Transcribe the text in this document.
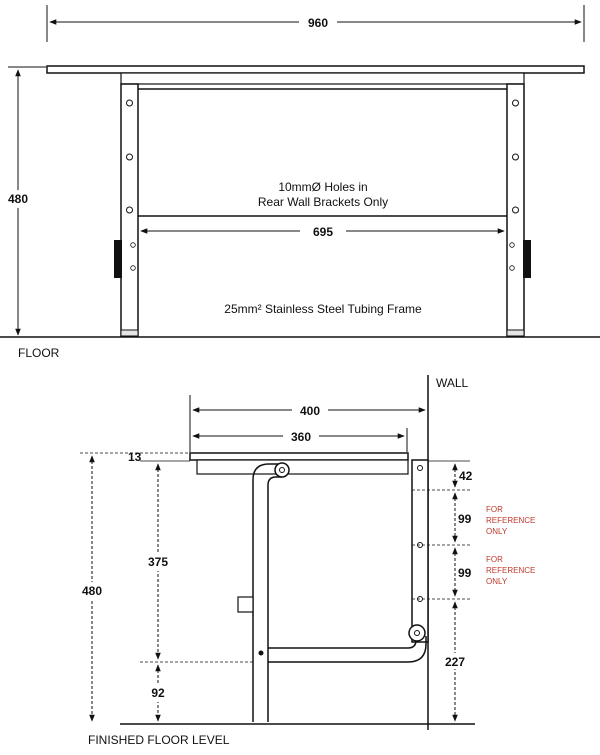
960
480
695
10mmØ Holes in
Rear Wall Brackets Only
25mm² Stainless Steel Tubing Frame
FLOOR
WALL
400
360
FINISHED FLOOR LEVEL
13
480
375
92
42
99
FOR
REFERENCE
ONLY
99
FOR
REFERENCE
ONLY
227
